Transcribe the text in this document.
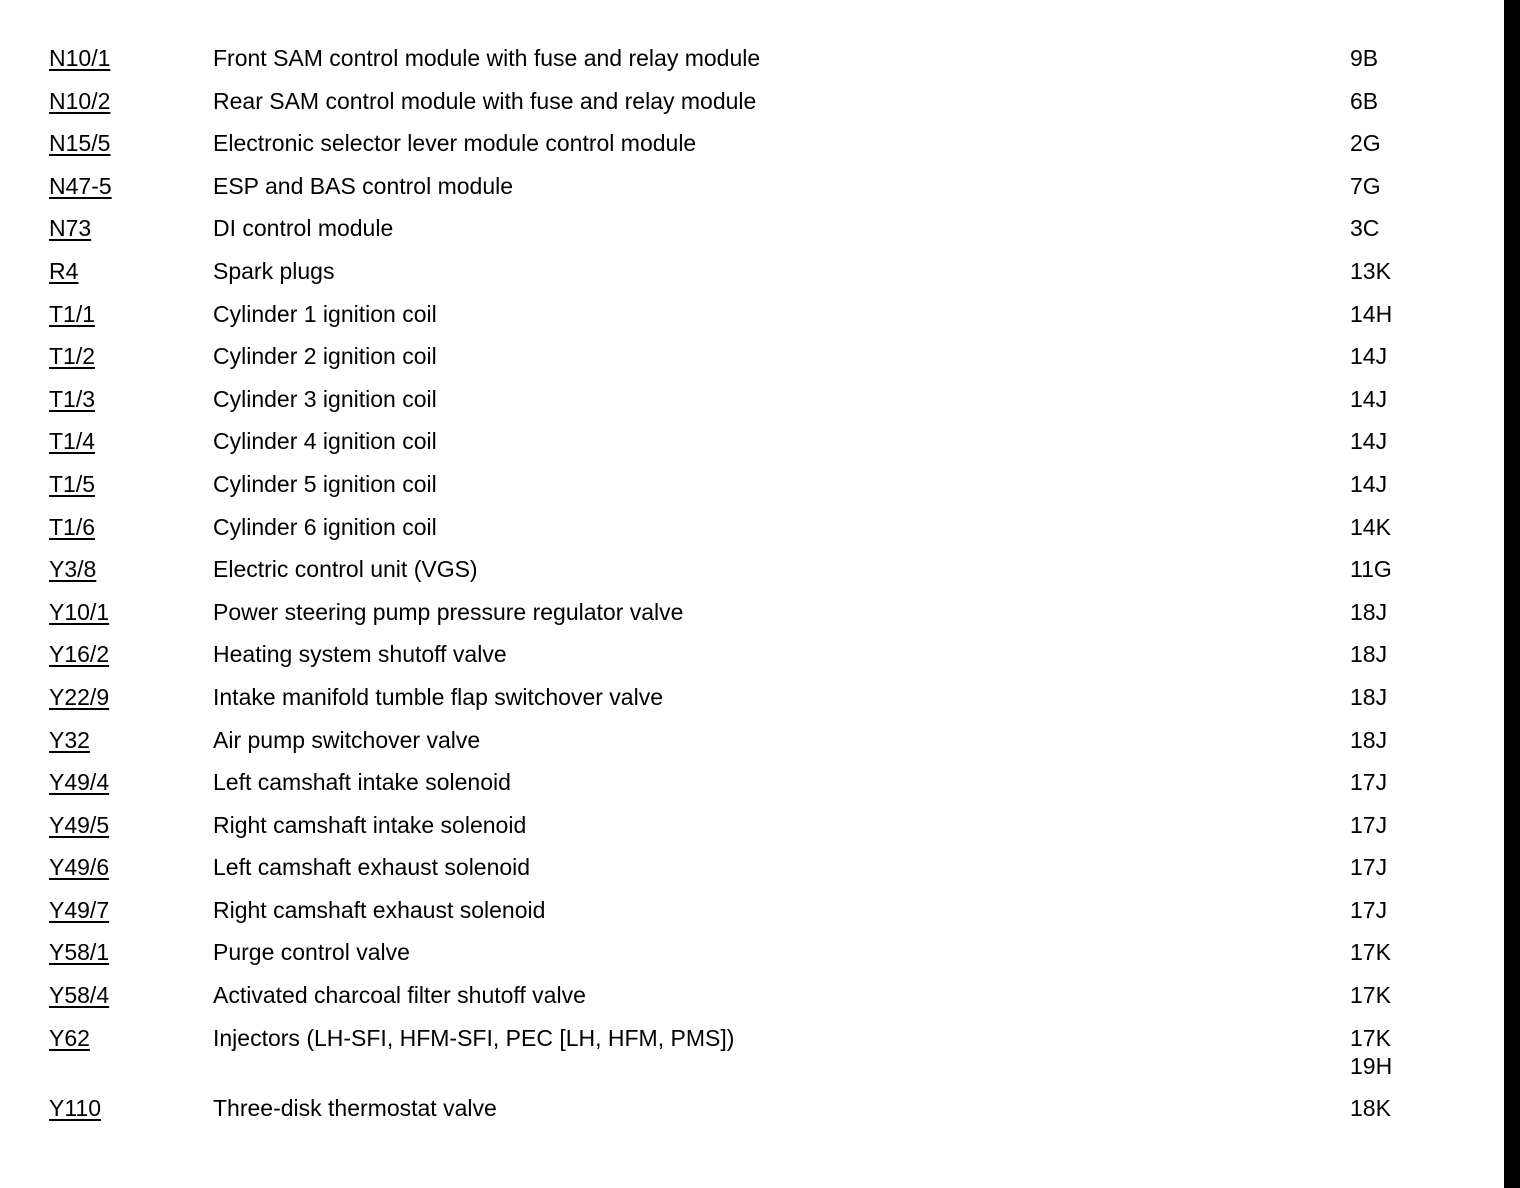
N10/1	Front SAM control module with fuse and relay module	9B
N10/2	Rear SAM control module with fuse and relay module	6B
N15/5	Electronic selector lever module control module	2G
N47-5	ESP and BAS control module	7G
N73	DI control module	3C
R4	Spark plugs	13K
T1/1	Cylinder 1 ignition coil	14H
T1/2	Cylinder 2 ignition coil	14J
T1/3	Cylinder 3 ignition coil	14J
T1/4	Cylinder 4 ignition coil	14J
T1/5	Cylinder 5 ignition coil	14J
T1/6	Cylinder 6 ignition coil	14K
Y3/8	Electric control unit (VGS)	11G
Y10/1	Power steering pump pressure regulator valve	18J
Y16/2	Heating system shutoff valve	18J
Y22/9	Intake manifold tumble flap switchover valve	18J
Y32	Air pump switchover valve	18J
Y49/4	Left camshaft intake solenoid	17J
Y49/5	Right camshaft intake solenoid	17J
Y49/6	Left camshaft exhaust solenoid	17J
Y49/7	Right camshaft exhaust solenoid	17J
Y58/1	Purge control valve	17K
Y58/4	Activated charcoal filter shutoff valve	17K
Y62	Injectors (LH-SFI, HFM-SFI, PEC [LH, HFM, PMS])	17K
19H
Y110	Three-disk thermostat valve	18K
